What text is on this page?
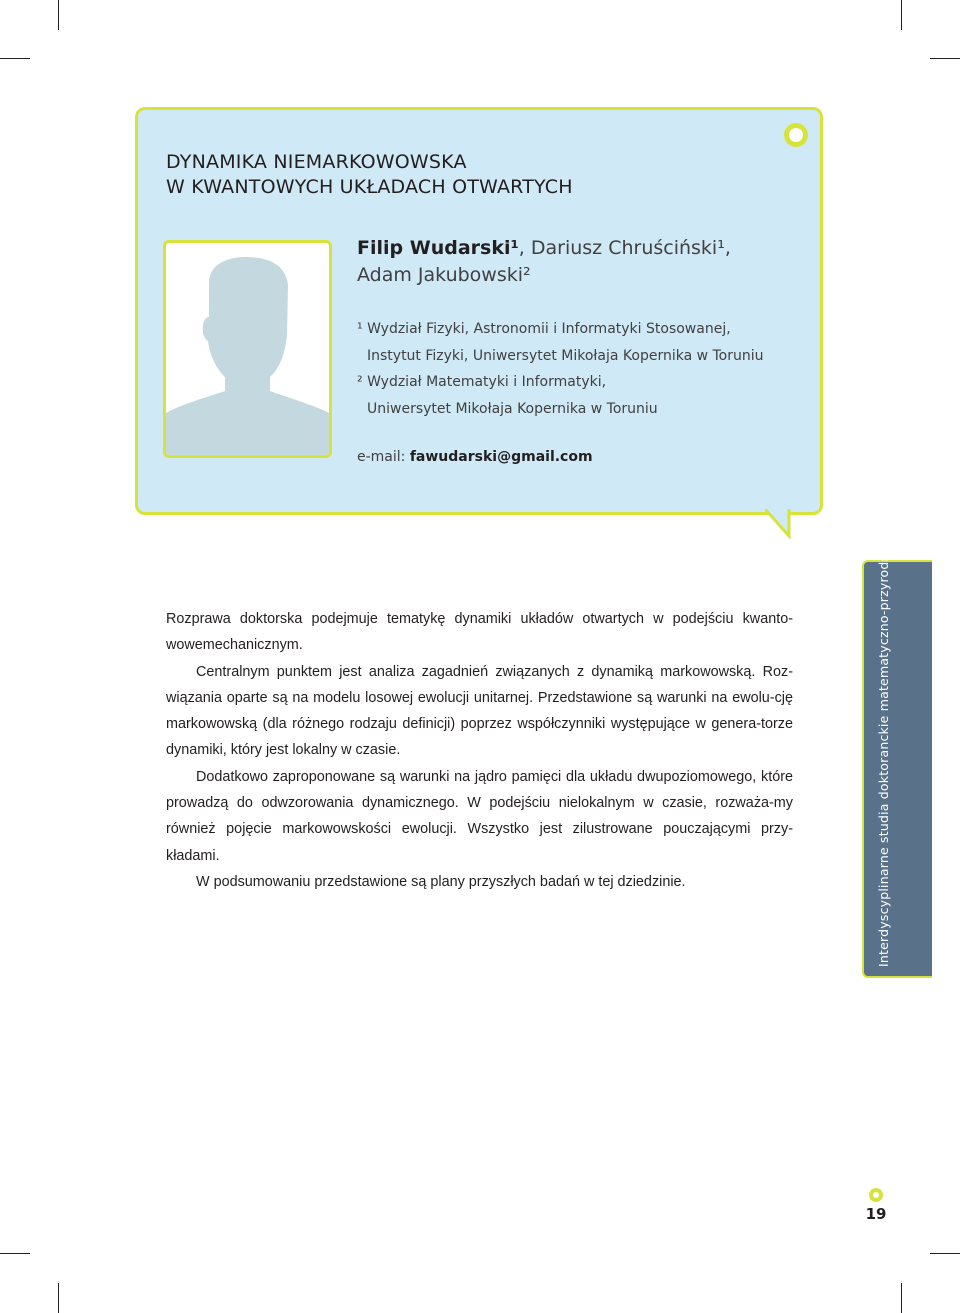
DYNAMIKA NIEMARKOWOWSKA
W KWANTOWYCH UKŁADACH OTWARTYCH
Filip Wudarski¹, Dariusz Chruściński¹,
Adam Jakubowski²
¹ Wydział Fizyki, Astronomii i Informatyki Stosowanej,
Instytut Fizyki, Uniwersytet Mikołaja Kopernika w Toruniu
² Wydział Matematyki i Informatyki,
Uniwersytet Mikołaja Kopernika w Toruniu
e-mail: fawudarski@gmail.com

Rozprawa doktorska podejmuje tematykę dynamiki układów otwartych w podejściu kwanto-wowemechanicznym.

Centralnym punktem jest analiza zagadnień związanych z dynamiką markowowską. Roz-wiązania oparte są na modelu losowej ewolucji unitarnej. Przedstawione są warunki na ewolu-cję markowowską (dla różnego rodzaju definicji) poprzez współczynniki występujące w genera-torze dynamiki, który jest lokalny w czasie.

Dodatkowo zaproponowane są warunki na jądro pamięci dla układu dwupoziomowego, które prowadzą do odwzorowania dynamicznego. W podejściu nielokalnym w czasie, rozważa-my również pojęcie markowowskości ewolucji. Wszystko jest zilustrowane pouczającymi przy-kładami.

W podsumowaniu przedstawione są plany przyszłych badań w tej dziedzinie.	Interdyscyplinarne studia doktoranckie matematyczno-przyrodnicze
19
